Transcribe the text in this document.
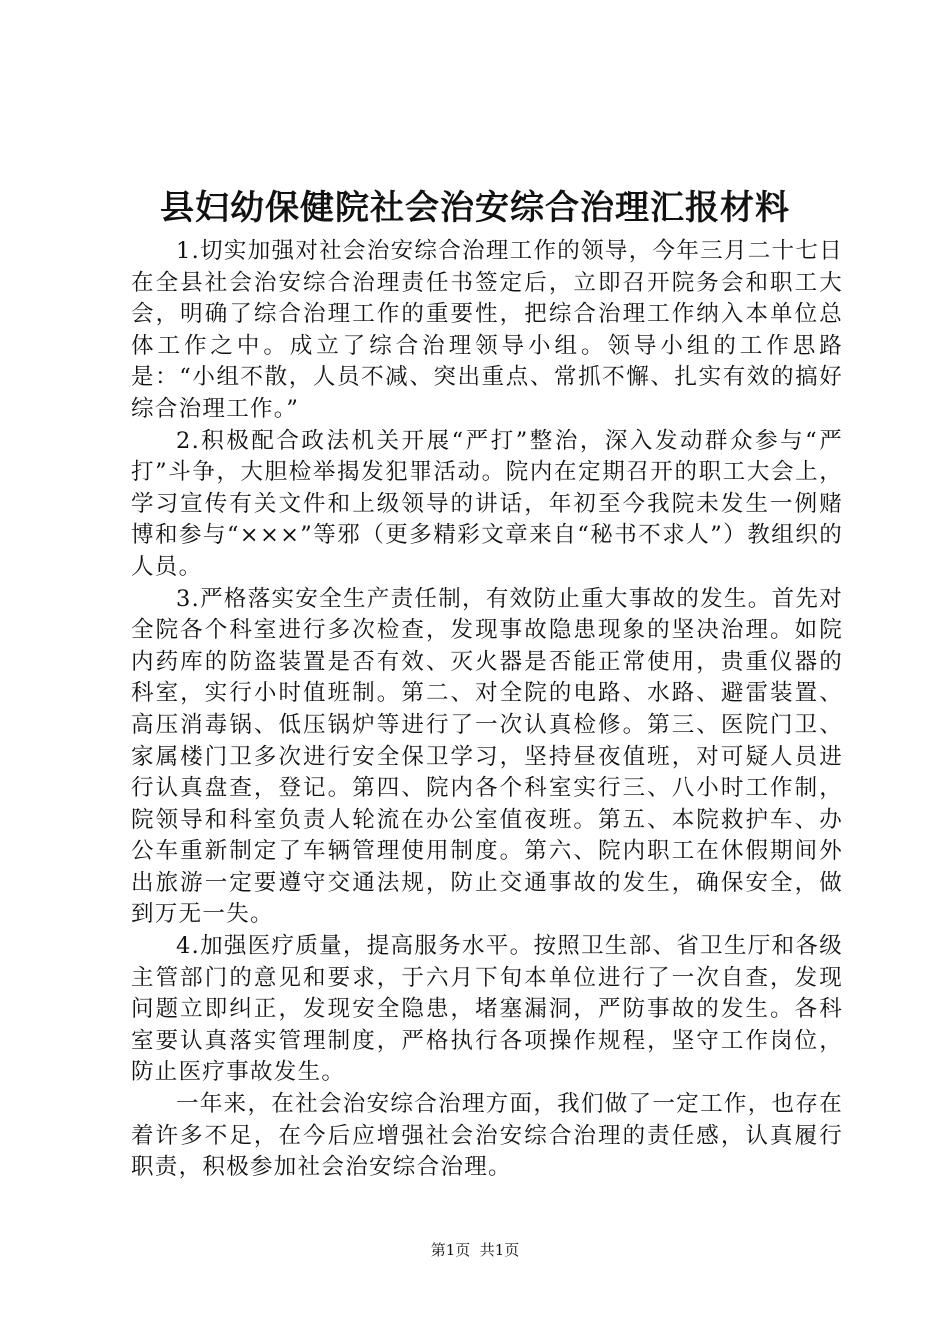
县妇幼保健院社会治安综合治理汇报材料

1.切实加强对社会治安综合治理工作的领导，今年三月二十七日在全县社会治安综合治理责任书签定后，立即召开院务会和职工大会，明确了综合治理工作的重要性，把综合治理工作纳入本单位总体工作之中。成立了综合治理领导小组。领导小组的工作思路是：“小组不散，人员不减、突出重点、常抓不懈、扎实有效的搞好综合治理工作。”

2.积极配合政法机关开展“严打”整治，深入发动群众参与“严打”斗争，大胆检举揭发犯罪活动。院内在定期召开的职工大会上，学习宣传有关文件和上级领导的讲话，年初至今我院未发生一例赌博和参与“×××”等邪（更多精彩文章来自“秘书不求人”）教组织的人员。

3.严格落实安全生产责任制，有效防止重大事故的发生。首先对全院各个科室进行多次检查，发现事故隐患现象的坚决治理。如院内药库的防盗装置是否有效、灭火器是否能正常使用，贵重仪器的科室，实行小时值班制。第二、对全院的电路、水路、避雷装置、高压消毒锅、低压锅炉等进行了一次认真检修。第三、医院门卫、家属楼门卫多次进行安全保卫学习，坚持昼夜值班，对可疑人员进行认真盘查，登记。第四、院内各个科室实行三、八小时工作制，院领导和科室负责人轮流在办公室值夜班。第五、本院救护车、办公车重新制定了车辆管理使用制度。第六、院内职工在休假期间外出旅游一定要遵守交通法规，防止交通事故的发生，确保安全，做到万无一失。

4.加强医疗质量，提高服务水平。按照卫生部、省卫生厅和各级主管部门的意见和要求，于六月下旬本单位进行了一次自查，发现问题立即纠正，发现安全隐患，堵塞漏洞，严防事故的发生。各科室要认真落实管理制度，严格执行各项操作规程，坚守工作岗位，防止医疗事故发生。

一年来，在社会治安综合治理方面，我们做了一定工作，也存在着许多不足，在今后应增强社会治安综合治理的责任感，认真履行职责，积极参加社会治安综合治理。

第1页  共1页
